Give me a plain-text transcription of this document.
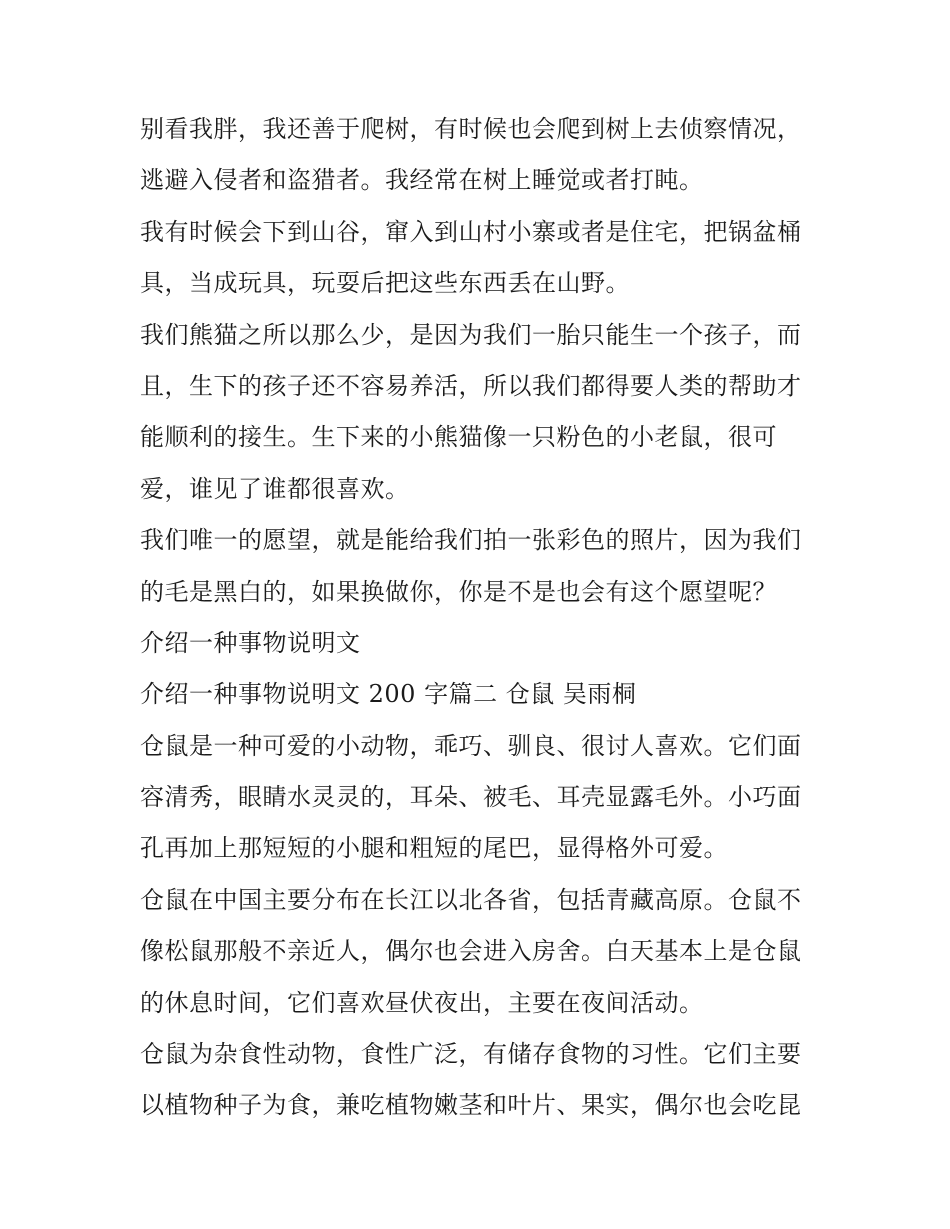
别看我胖，我还善于爬树，有时候也会爬到树上去侦察情况，
逃避入侵者和盗猎者。我经常在树上睡觉或者打盹。
我有时候会下到山谷，窜入到山村小寨或者是住宅，把锅盆桶
具，当成玩具，玩耍后把这些东西丢在山野。
我们熊猫之所以那么少，是因为我们一胎只能生一个孩子，而
且，生下的孩子还不容易养活，所以我们都得要人类的帮助才
能顺利的接生。生下来的小熊猫像一只粉色的小老鼠，很可
爱，谁见了谁都很喜欢。
我们唯一的愿望，就是能给我们拍一张彩色的照片，因为我们
的毛是黑白的，如果换做你，你是不是也会有这个愿望呢？
介绍一种事物说明文
介绍一种事物说明文 200 字篇二 仓鼠 吴雨桐
仓鼠是一种可爱的小动物，乖巧、驯良、很讨人喜欢。它们面
容清秀，眼睛水灵灵的，耳朵、被毛、耳壳显露毛外。小巧面
孔再加上那短短的小腿和粗短的尾巴，显得格外可爱。
仓鼠在中国主要分布在长江以北各省，包括青藏高原。仓鼠不
像松鼠那般不亲近人，偶尔也会进入房舍。白天基本上是仓鼠
的休息时间，它们喜欢昼伏夜出，主要在夜间活动。
仓鼠为杂食性动物，食性广泛，有储存食物的习性。它们主要
以植物种子为食，兼吃植物嫩茎和叶片、果实，偶尔也会吃昆
